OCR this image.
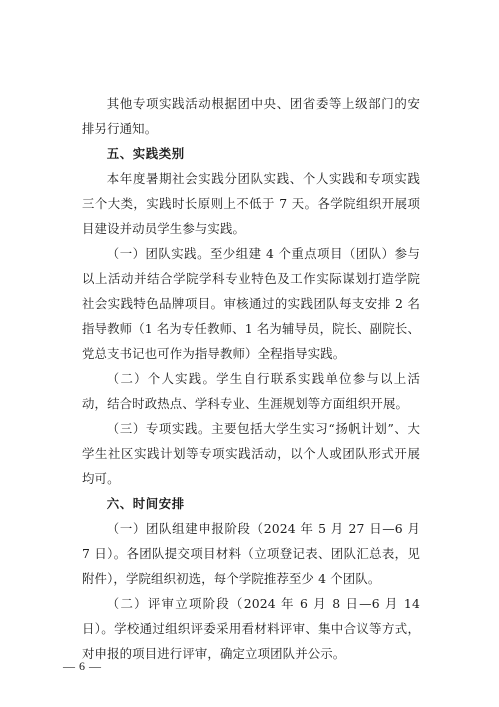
其他专项实践活动根据团中央、团省委等上级部门的安排另行通知。

五、实践类别

本年度暑期社会实践分团队实践、个人实践和专项实践三个大类，实践时长原则上不低于 7 天。各学院组织开展项目建设并动员学生参与实践。

（一）团队实践。至少组建 4 个重点项目（团队）参与以上活动并结合学院学科专业特色及工作实际谋划打造学院社会实践特色品牌项目。审核通过的实践团队每支安排 2 名指导教师（1 名为专任教师、1 名为辅导员，院长、副院长、党总支书记也可作为指导教师）全程指导实践。

（二）个人实践。学生自行联系实践单位参与以上活动，结合时政热点、学科专业、生涯规划等方面组织开展。

（三）专项实践。主要包括大学生实习“扬帆计划”、大学生社区实践计划等专项实践活动，以个人或团队形式开展均可。

六、时间安排

（一）团队组建申报阶段（2024 年 5 月 27 日—6 月 7 日）。各团队提交项目材料（立项登记表、团队汇总表，见附件），学院组织初选，每个学院推荐至少 4 个团队。

（二）评审立项阶段（2024 年 6 月 8 日—6 月 14 日）。学校通过组织评委采用看材料评审、集中合议等方式，对申报的项目进行评审，确定立项团队并公示。

— 6 —
